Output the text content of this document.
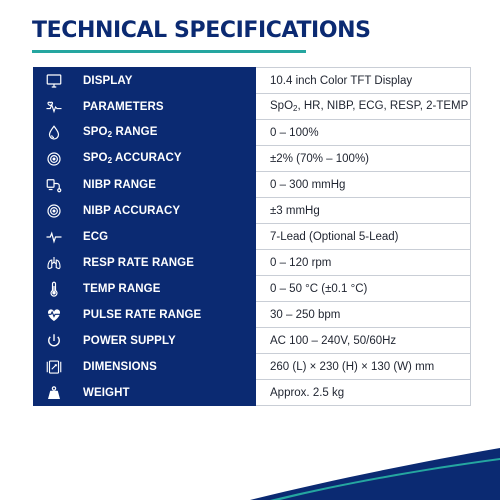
TECHNICAL SPECIFICATIONS
	DISPLAY	10.4 inch Color TFT Display

	PARAMETERS	SpO$_2$, HR, NIBP, ECG, RESP, 2-TEMP

	$SPO_2$ RANGE	0 – 100%

	$SPO_2$ ACCURACY	±2% (70% – 100%)

	NIBP RANGE	0 – 300 mmHg

	NIBP ACCURACY	±3 mmHg

	ECG	7-Lead (Optional 5-Lead)

	RESP RATE RANGE	0 – 120 rpm

	TEMP RANGE	0 – 50 °C (±0.1 °C)

	PULSE RATE RANGE	30 – 250 bpm

	POWER SUPPLY	AC 100 – 240V, 50/60Hz

	DIMENSIONS	260 (L) × 230 (H) × 130 (W) mm

	WEIGHT	Approx. 2.5 kg
